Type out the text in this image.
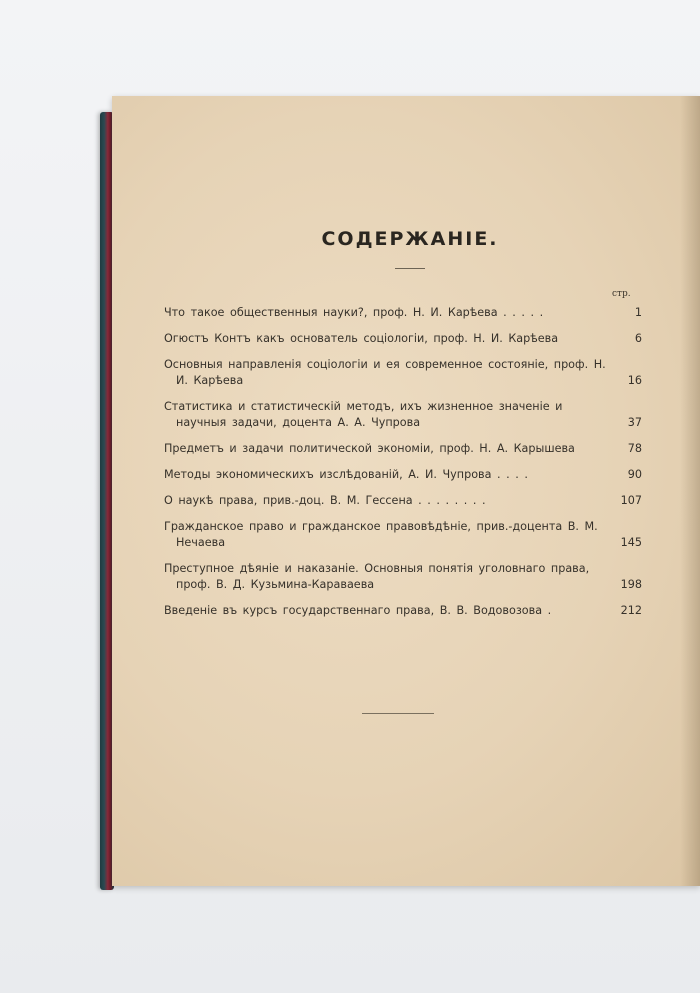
СОДЕРЖАНІЕ.
стр.
Что такое общественныя науки?, проф. Н. И. Карѣева . . . . .	1
Огюстъ Контъ какъ основатель соціологіи, проф. Н. И. Карѣева	6
Основныя направленія соціологіи и ея современное состояніе, проф. Н. И. Карѣева	16
Статистика и статистическій методъ, ихъ жизненное значеніе и научныя задачи, доцента А. А. Чупрова	37
Предметъ и задачи политической экономіи, проф. Н. А. Карышева	78
Методы экономическихъ изслѣдованій, А. И. Чупрова . . . .	90
О наукѣ права, прив.-доц. В. М. Гессена . . . . . . . .	107
Гражданское право и гражданское правовѣдѣніе, прив.-доцента В. М. Нечаева	145
Преступное дѣяніе и наказаніе. Основныя понятія уголовнаго права, проф. В. Д. Кузьмина-Караваева	198
Введеніе въ курсъ государственнаго права, В. В. Водовозова .	212
